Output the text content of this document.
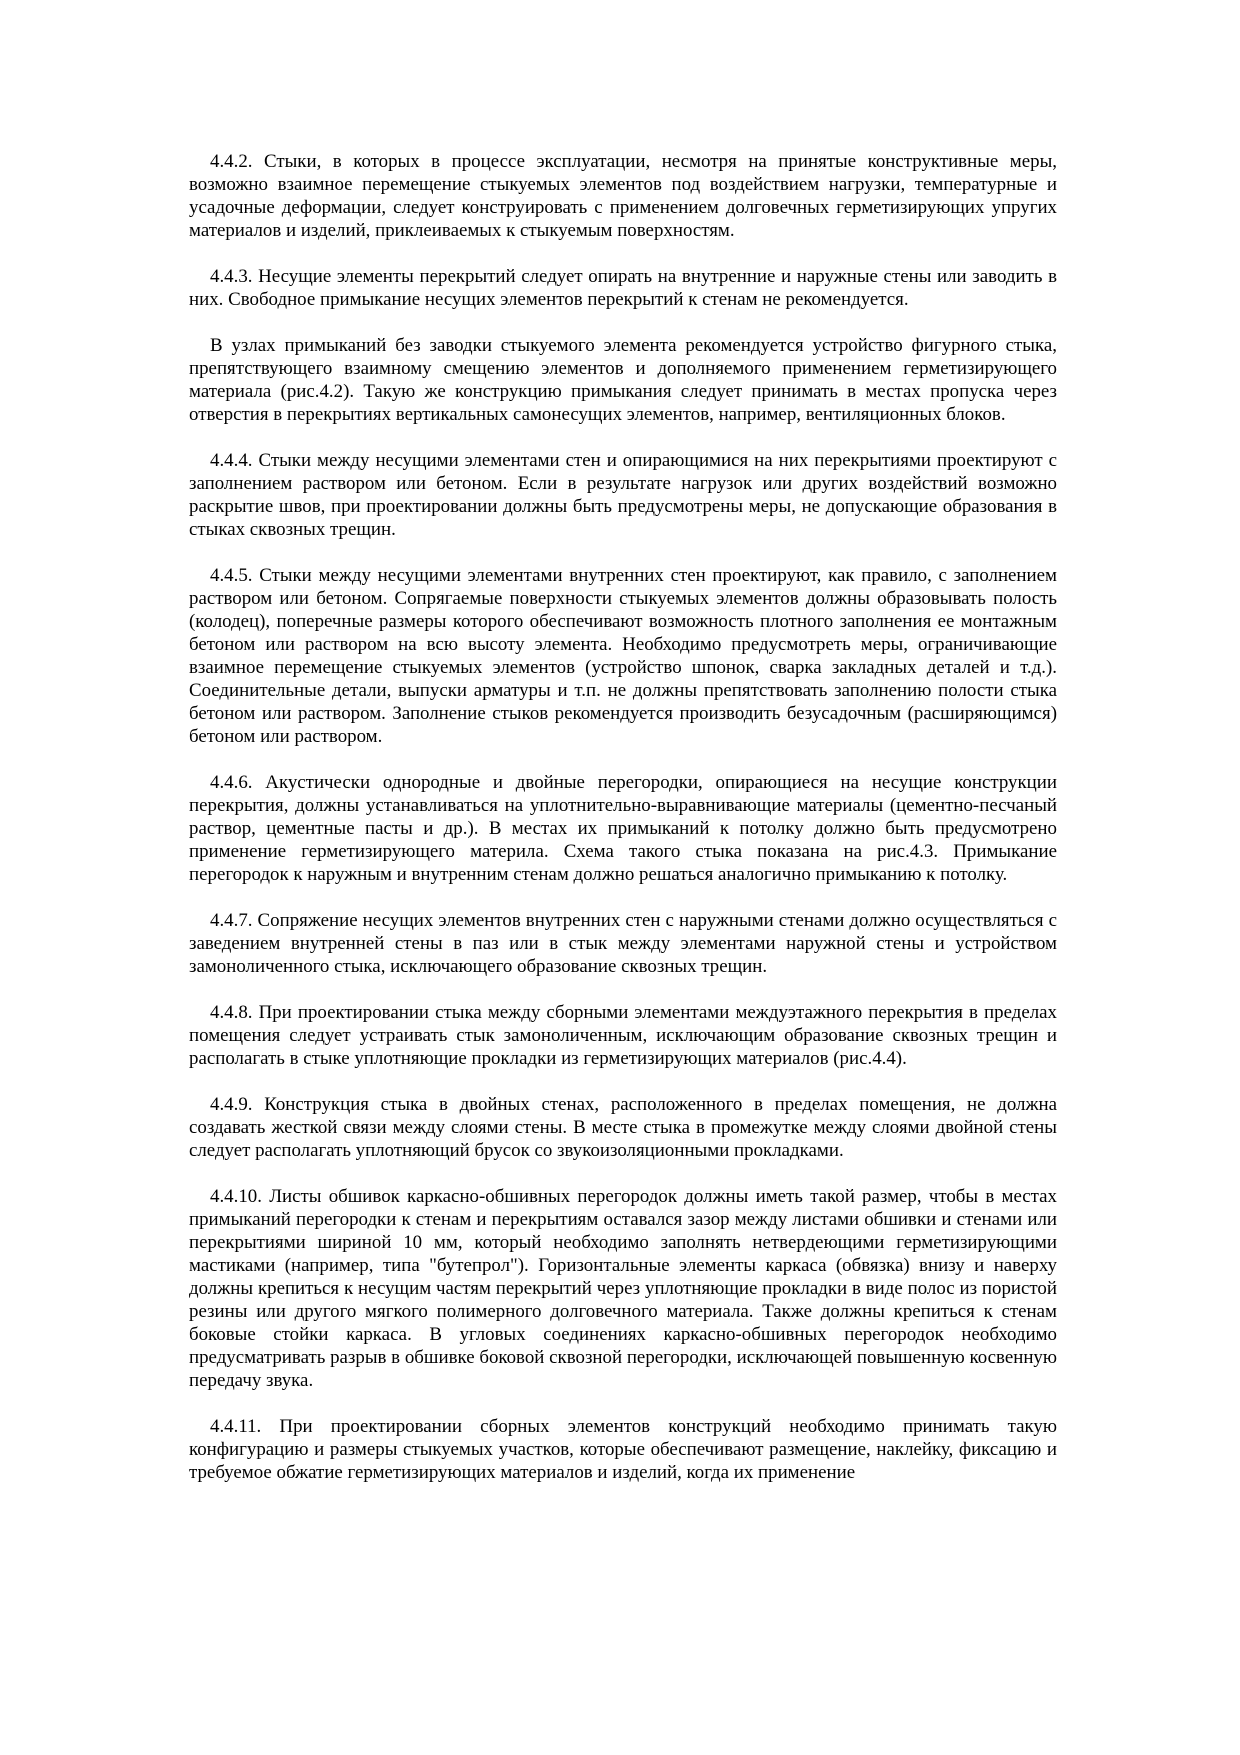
4.4.2. Стыки, в которых в процессе эксплуатации, несмотря на принятые конструктивные меры, возможно взаимное перемещение стыкуемых элементов под воздействием нагрузки, температурные и усадочные деформации, следует конструировать с применением долговечных герметизирующих упругих материалов и изделий, приклеиваемых к стыкуемым поверхностям.

4.4.3. Несущие элементы перекрытий следует опирать на внутренние и наружные стены или заводить в них. Свободное примыкание несущих элементов перекрытий к стенам не рекомендуется.

В узлах примыканий без заводки стыкуемого элемента рекомендуется устройство фигурного стыка, препятствующего взаимному смещению элементов и дополняемого применением герметизирующего материала (рис.4.2). Такую же конструкцию примыкания следует принимать в местах пропуска через отверстия в перекрытиях вертикальных самонесущих элементов, например, вентиляционных блоков.

4.4.4. Стыки между несущими элементами стен и опирающимися на них перекрытиями проектируют с заполнением раствором или бетоном. Если в результате нагрузок или других воздействий возможно раскрытие швов, при проектировании должны быть предусмотрены меры, не допускающие образования в стыках сквозных трещин.

4.4.5. Стыки между несущими элементами внутренних стен проектируют, как правило, с заполнением раствором или бетоном. Сопрягаемые поверхности стыкуемых элементов должны образовывать полость (колодец), поперечные размеры которого обеспечивают возможность плотного заполнения ее монтажным бетоном или раствором на всю высоту элемента. Необходимо предусмотреть меры, ограничивающие взаимное перемещение стыкуемых элементов (устройство шпонок, сварка закладных деталей и т.д.). Соединительные детали, выпуски арматуры и т.п. не должны препятствовать заполнению полости стыка бетоном или раствором. Заполнение стыков рекомендуется производить безусадочным (расширяющимся) бетоном или раствором.

4.4.6. Акустически однородные и двойные перегородки, опирающиеся на несущие конструкции перекрытия, должны устанавливаться на уплотнительно-выравнивающие материалы (цементно-песчаный раствор, цементные пасты и др.). В местах их примыканий к потолку должно быть предусмотрено применение герметизирующего материла. Схема такого стыка показана на рис.4.3. Примыкание перегородок к наружным и внутренним стенам должно решаться аналогично примыканию к потолку.

4.4.7. Сопряжение несущих элементов внутренних стен с наружными стенами должно осуществляться с заведением внутренней стены в паз или в стык между элементами наружной стены и устройством замоноличенного стыка, исключающего образование сквозных трещин.

4.4.8. При проектировании стыка между сборными элементами междуэтажного перекрытия в пределах помещения следует устраивать стык замоноличенным, исключающим образование сквозных трещин и располагать в стыке уплотняющие прокладки из герметизирующих материалов (рис.4.4).

4.4.9. Конструкция стыка в двойных стенах, расположенного в пределах помещения, не должна создавать жесткой связи между слоями стены. В месте стыка в промежутке между слоями двойной стены следует располагать уплотняющий брусок со звукоизоляционными прокладками.

4.4.10. Листы обшивок каркасно-обшивных перегородок должны иметь такой размер, чтобы в местах примыканий перегородки к стенам и перекрытиям оставался зазор между листами обшивки и стенами или перекрытиями шириной 10 мм, который необходимо заполнять нетвердеющими герметизирующими мастиками (например, типа "бутепрол"). Горизонтальные элементы каркаса (обвязка) внизу и наверху должны крепиться к несущим частям перекрытий через уплотняющие прокладки в виде полос из пористой резины или другого мягкого полимерного долговечного материала. Также должны крепиться к стенам боковые стойки каркаса. В угловых соединениях каркасно-обшивных перегородок необходимо предусматривать разрыв в обшивке боковой сквозной перегородки, исключающей повышенную косвенную передачу звука.

4.4.11. При проектировании сборных элементов конструкций необходимо принимать такую конфигурацию и размеры стыкуемых участков, которые обеспечивают размещение, наклейку, фиксацию и требуемое обжатие герметизирующих материалов и изделий, когда их применение
